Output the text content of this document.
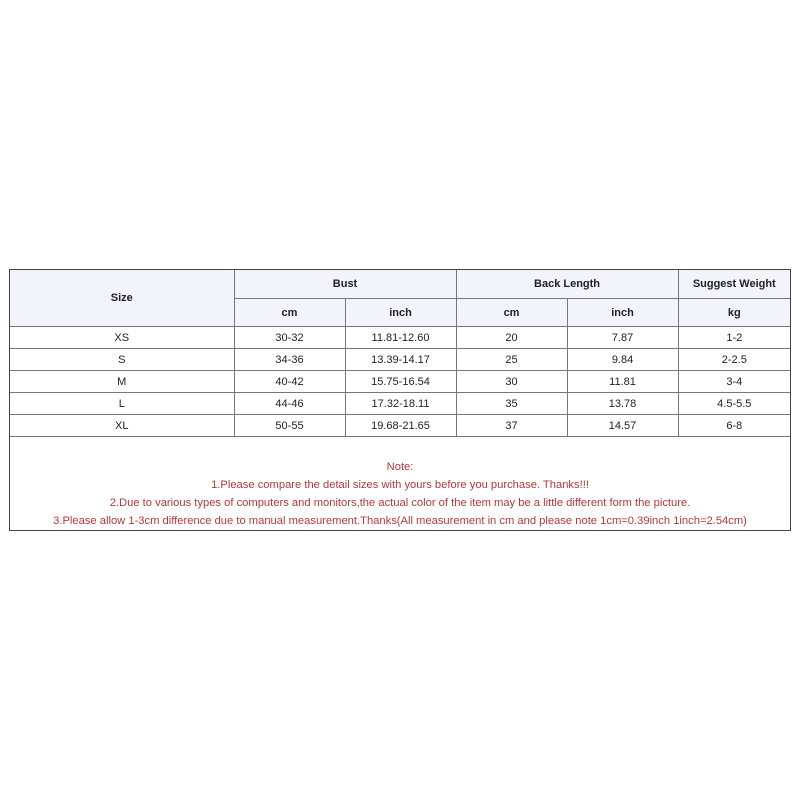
Size	Bust		Back Length		Suggest Weight
	cm	inch	cm	inch	kg
XS	30-32	11.81-12.60	20	7.87	1-2
S	34-36	13.39-14.17	25	9.84	2-2.5
M	40-42	15.75-16.54	30	11.81	3-4
L	44-46	17.32-18.11	35	13.78	4.5-5.5
XL	50-55	19.68-21.65	37	14.57	6-8

Note:
1.Please compare the detail sizes with yours before you purchase. Thanks!!!
2.Due to various types of computers and monitors,the actual color of the item may be a little different form the picture.
3.Please allow 1-3cm difference due to manual measurement.Thanks(All measurement in cm and please note 1cm=0.39inch 1inch=2.54cm)					
